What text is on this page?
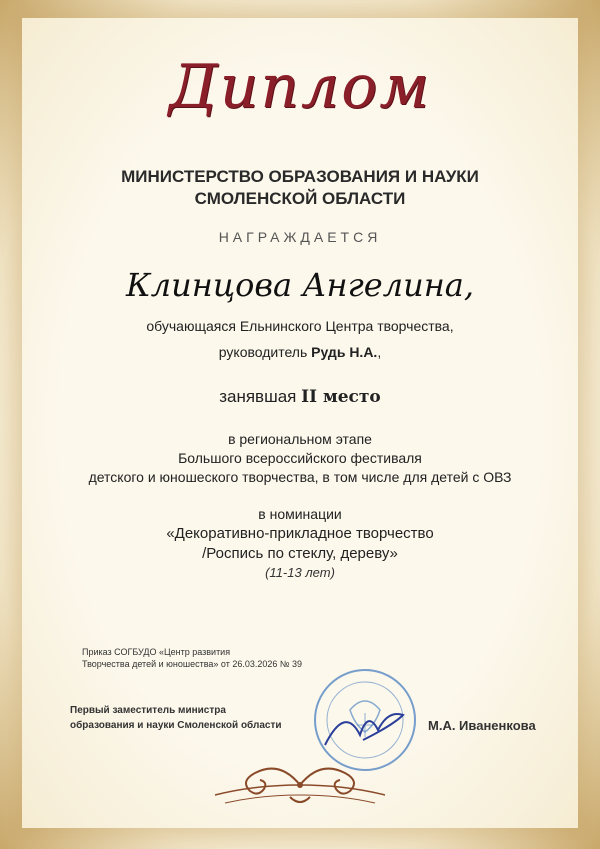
Диплом
МИНИСТЕРСТВО ОБРАЗОВАНИЯ И НАУКИ
СМОЛЕНСКОЙ ОБЛАСТИ
НАГРАЖДАЕТСЯ
Клинцова Ангелина,
обучающаяся Ельнинского Центра творчества,
руководитель Рудь Н.А.,
занявшая II место
в региональном этапе
Большого всероссийского фестиваля
детского и юношеского творчества, в том числе для детей с ОВЗ
в номинации
«Декоративно-прикладное творчество
/Роспись по стеклу, дереву»
(11-13 лет)
Приказ СОГБУДО «Центр развития
Творчества детей и юношества» от 26.03.2026 № 39
Первый заместитель министра
образования и науки Смоленской области	М.А. Иваненкова
